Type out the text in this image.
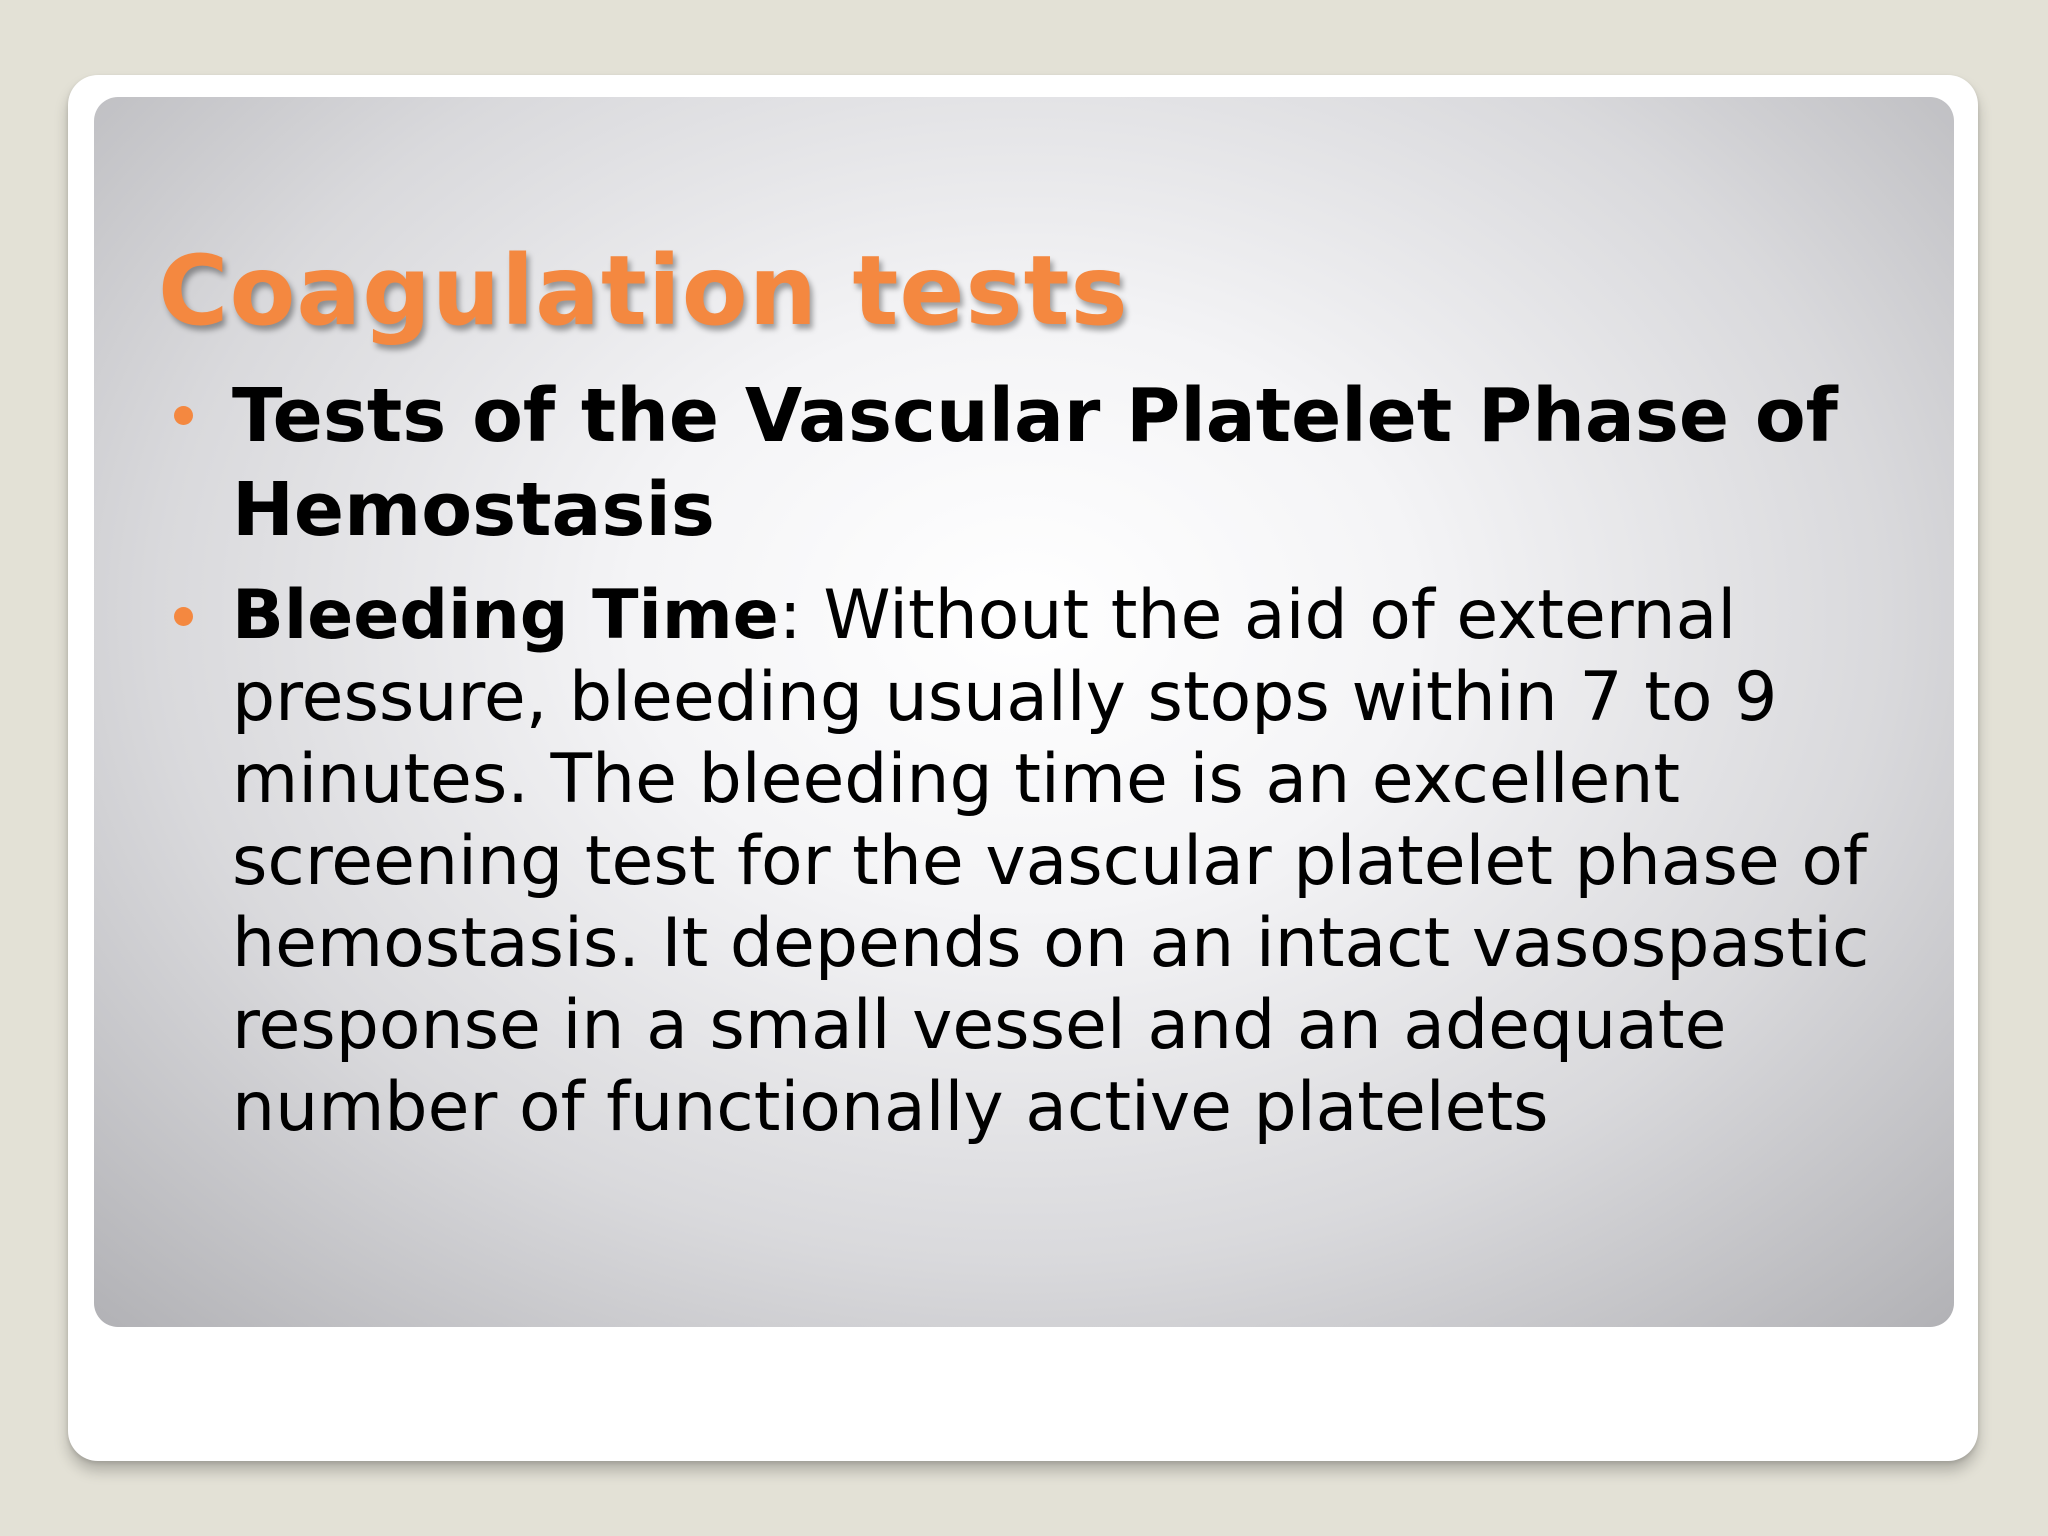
Coagulation tests
Tests of the Vascular Platelet Phase of Hemostasis
Bleeding Time: Without the aid of external pressure, bleeding usually stops within 7 to 9 minutes. The bleeding time is an excellent screening test for the vascular platelet phase of hemostasis. It depends on an intact vasospastic response in a small vessel and an adequate number of functionally active platelets
